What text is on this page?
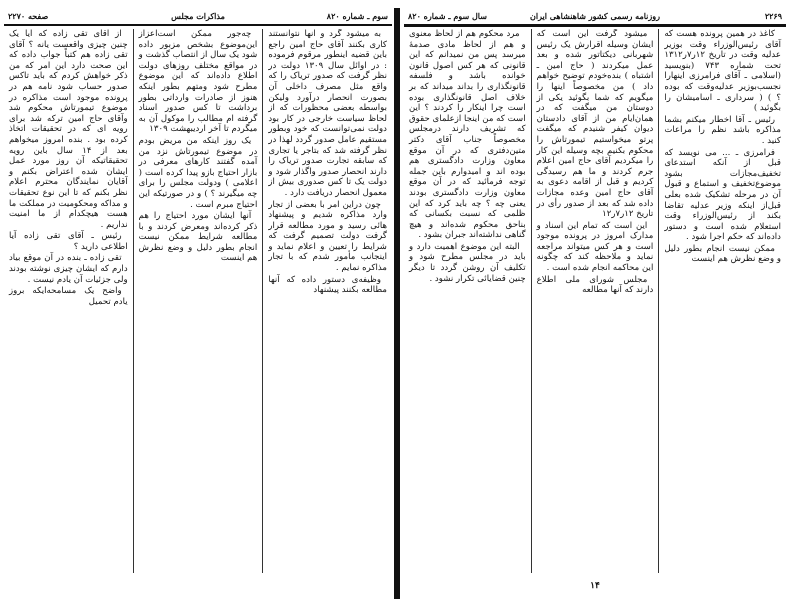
سوم ـ شماره ۸۲۰
مذاکرات مجلس
صفحه ۲۲۷۰

به میشود گرد و آنها نتوانستند کاری بکنند آقای حاج امین راجع باین قضیه اینطور مرقوم فرموده : در اوائل سال ۱۳۰۹ دولت در نظر گرفت که صدور تریاک را که واقع مثل مصرف داخلی آن بصورت انحصار درآورد ولیکن بواسطه بعضی محظورات که از لحاظ سیاست خارجی در کار بود دولت نمی‌توانست که خود وبطور مستقیم عامل صدور گردد لهذا در نظر گرفته شد که بتاجر یا تجاری که سابقه تجارت صدور تریاک را دارند انحصار صدور واگذار شود و دولت یک تا کس صدوری بیش از معمول انحصار دریافت دارد .

چون دراین امر با بعضی از تجار وارد مذاکره شدیم و پیشنهاد هائی رسید و مورد مطالعه قرار گرفت دولت تصمیم گرفت که شرایط را تعیین و اعلام نماید و اینجانب مأمور شدم که با تجار مذاکره نمایم .

وظیفه‌ی دستور داده که آنها مطالعه بکنند پیشنهاد

چه‌جور ممکن است‌اعزاز این‌موضوع بشخص مزبور داده شود یک سال از انتصاب گذشت و در مواقع مختلف روزهای دولت اطلاع داده‌اند که این موضوع مطرح شود ومتهم بطور اینکه هنوز از صادرات وارداتی بطور برداشت تا کس صدور اسناد گرفته ام مطالب را موکول آن به میگردم تا آخر اردیبهشت ۱۳۰۹

یک روز اینکه من مریض بودم در موضوع تیمورتاش نزد من آمده گفتند کارهای معرفی در بازار احتیاج بازو پیدا کرده است ( اعلامی ) ودولت مجلس را برای چه میگیرند ؟ ) و در صورتیکه این احتیاج مبرم است .

آنها ایشان مورد احتیاج را هم ذکر کرده‌اند ومعرض کردند و با مطالعه شرایط ممکن نیست انجام بطور دلیل و وضع نظرش هم اینست

از آقای تقی زاده که آیا یک چنین چیزی واقعست یانه ؟ آقای تقی زاده هم کتباً جواب داده که این صحت دارد این امر که من ذکر خواهش کردم که باید تاکس صدور حساب شود نامه هم در پرونده موجود است مذاکره در موضوع تیمورتاش محکوم شد وآقای حاج امین ترکه شد برای رویه ای که در تحقیقات اتخاذ کرده بود . بنده امروز میخواهم بعد از ۱۴ سال باین رویه تحقیقاتیکه آن روز مورد عمل ایشان شده اعتراض بکنم و آقایان نمایندگان محترم اعلام نظر بکنم که تا این نوع تحقیقات و مداکه ومحکومیت در مملکت ما هست هیچکدام از ما امنیت نداریم .

رئیس ـ آقای تقی زاده آیا اطلاعی دارید ؟

تقی زاده ـ بنده در آن موقع بیاد دارم که ایشان چیزی نوشته بودند ولی جزئیات آن یادم نیست .

واضح یک مسامحه‌ایکه بروز یادم تحمیل

۲۲۶۹
روزنامه رسمی کشور شاهنشاهی ایران
سال سوم ـ شماره ۸۲۰

کاغذ در همین پرونده هست که آقای رئیس‌الوزراء وقت بوزیر عدلیه وقت در تاریخ ۱۲ر۷ر۱۳۱۲ تحت شماره ۷۴۳ (بنویسید (اسلامی ـ آقای فرامرزی اینهارا نجسب‌بوزیر عدلیه‌وقت که بوده ؟ ) ( سرداری ـ اسامیشان را بگوئید )

رئیس ـ آقا اخطار میکنم بشما مذاکره باشد نظم را مراعات کنید .

فرامرزی ـ ... می نویسد که قبل از آنکه استدعای تخفیف‌مجازات بشود موضوع‌تخفیف و استماع و قبول آن در مرحله تشکیک شده بعلی قبل‌از اینکه وزیر عدلیه تقاضا بکند از رئیس‌الوزراء وقت استعلام شده است و دستور داده‌اند که حکم اجرا شود .

ممکن نیست انجام بطور دلیل و وضع نظرش هم اینست

میشود گرفت این است که ایشان وسیله اقرارش یک رئیس شهربانی دیکتاتور شده و بعد عمل میکردند ( حاج امین ـ اشتباه ) بنده‌خودم توضیح خواهم داد ) من مخصوصاً اینها را میگویم که شما بگوئید یکی از دوستان من میگفت که در همان‌ایام من از آقای دادستان دیوان کیفر شنیدم که میگفت پرتو میخواستیم تیمورتاش را محکوم بکنیم بچه وسیله این کار را میکردیم آقای حاج امین اعلام جرم کردند و ما هم رسیدگی کردیم و قبل از اقامه دعوی به آقای حاج امین وعده مجازات داده شد که بعد از صدور رأی در تاریخ ۱۲ر۷ر۱۲

این است که تمام این اسناد و مدارک امروز در پرونده موجود است و هر کس میتواند مراجعه نماید و ملاحظه کند که چگونه این محاکمه انجام شده است .

مجلس شورای ملی اطلاع دارند که آنها مطالعه

مرد محکوم هم از لحاظ معنوی و هم از لحاظ مادی صدمهٔ میرسد پس من نمیدانم که این قانونی که هر کس اصول قانون خوانده باشد و فلسفه قانونگذاری را بداند میداند که بر خلاف اصل قانونگذاری بوده است چرا اینکار را کردند ؟ این است که من اینجا ازعلمای حقوق که تشریف دارند درمجلس مخصوصاً جناب آقای دکتر متین‌دفتری که در آن موقع معاون وزارت دادگستری هم بوده اند و امیدوارم باین جمله توجه فرمائید که در آن موقع معاون وزارت دادگستری بودند یعنی چه ؟ چه باید کرد که این ظلمی که نسبت بکسانی که بناحق محکوم شده‌اند و هیچ گناهی نداشته‌اند جبران بشود .

البته این موضوع اهمیت دارد و باید در مجلس مطرح شود و تکلیف آن روشن گردد تا دیگر چنین قضایائی تکرار نشود .

۱۴
